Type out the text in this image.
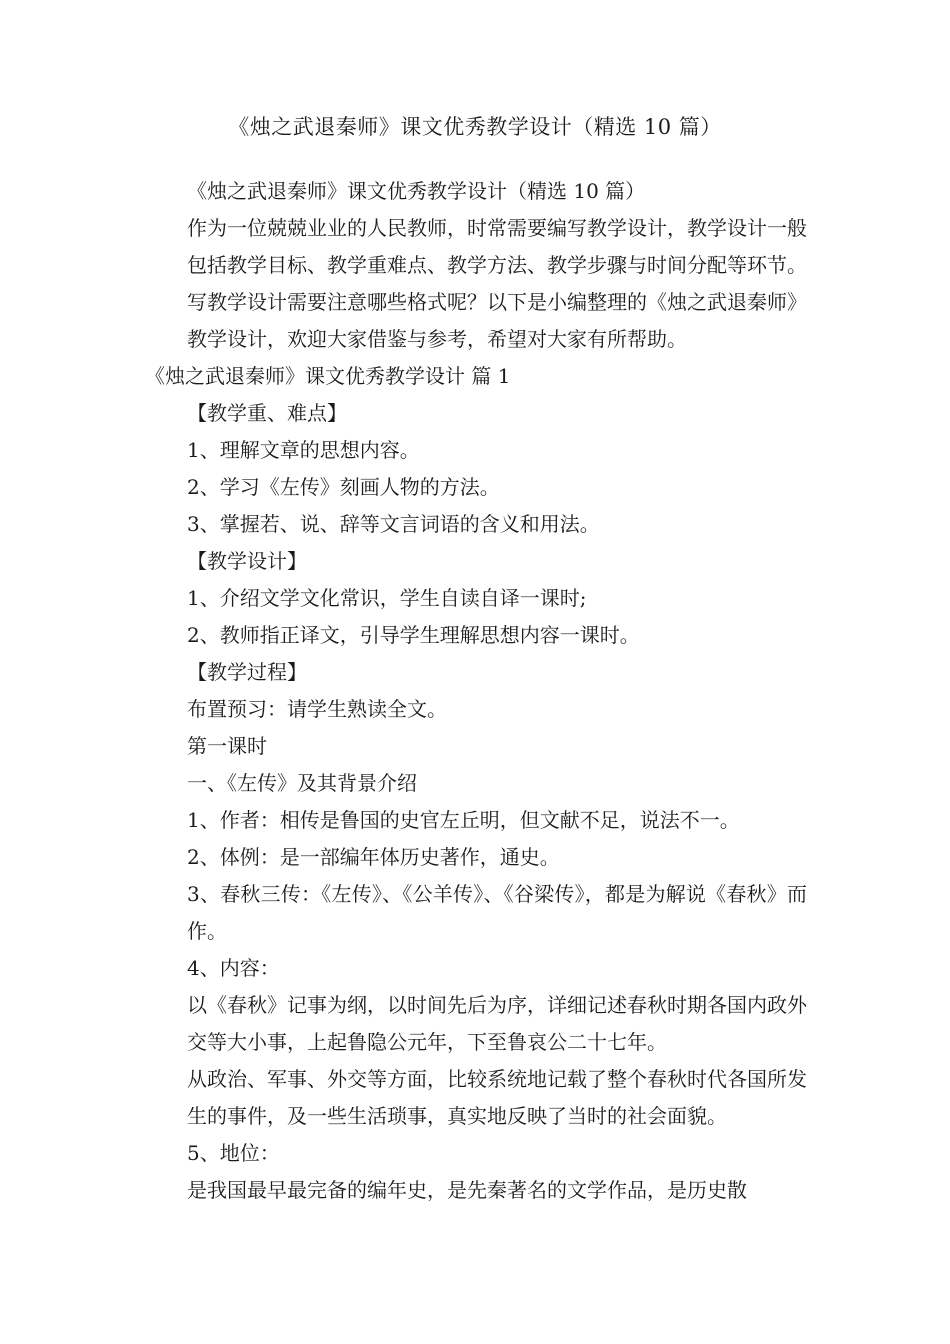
《烛之武退秦师》课文优秀教学设计（精选 10 篇）

《烛之武退秦师》课文优秀教学设计（精选 10 篇）

作为一位兢兢业业的人民教师，时常需要编写教学设计，教学设计一般包括教学目标、教学重难点、教学方法、教学步骤与时间分配等环节。写教学设计需要注意哪些格式呢？以下是小编整理的《烛之武退秦师》教学设计，欢迎大家借鉴与参考，希望对大家有所帮助。

《烛之武退秦师》课文优秀教学设计 篇 1

【教学重、难点】

1、理解文章的思想内容。

2、学习《左传》刻画人物的方法。

3、掌握若、说、辞等文言词语的含义和用法。

【教学设计】

1、介绍文学文化常识，学生自读自译一课时;

2、教师指正译文，引导学生理解思想内容一课时。

【教学过程】

布置预习：请学生熟读全文。

第一课时

一、《左传》及其背景介绍

1、作者：相传是鲁国的史官左丘明，但文献不足，说法不一。

2、体例：是一部编年体历史著作，通史。

3、春秋三传：《左传》、《公羊传》、《谷梁传》，都是为解说《春秋》而作。

4、内容：

以《春秋》记事为纲，以时间先后为序，详细记述春秋时期各国内政外交等大小事，上起鲁隐公元年，下至鲁哀公二十七年。

从政治、军事、外交等方面，比较系统地记载了整个春秋时代各国所发生的事件，及一些生活琐事，真实地反映了当时的社会面貌。

5、地位：

是我国最早最完备的编年史，是先秦著名的文学作品，是历史散
